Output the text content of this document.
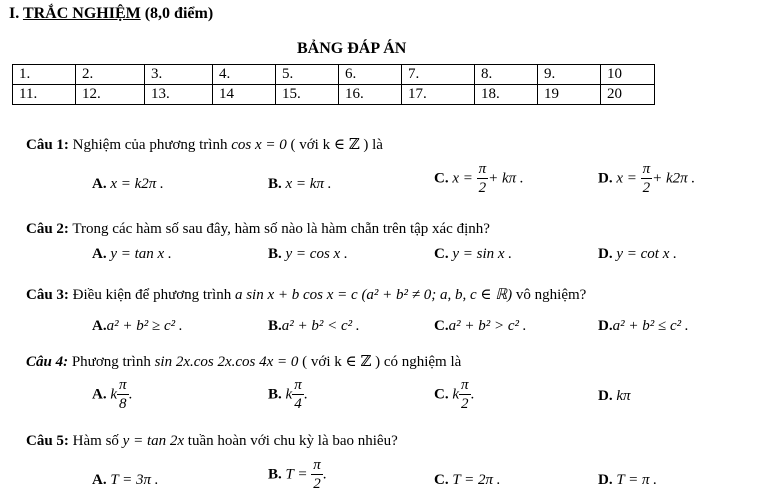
I. TRẮC NGHIỆM (8,0 điểm)
BẢNG ĐÁP ÁN
1.	2.	3.	4.	5.	6.	7.	8.	9.	10
11.	12.	13.	14	15.	16.	17.	18.	19	20
Câu 1: Nghiệm của phương trình cos x = 0 ( với k ∈ ℤ ) là
A. x = k2π .	B. x = kπ .	C. $x = \frac{\pi}{2} + k\pi$ .	D. $x = \frac{\pi}{2} + k2\pi$ .
Câu 2: Trong các hàm số sau đây, hàm số nào là hàm chẵn trên tập xác định?
A. y = tan x .	B. y = cos x .	C. y = sin x .	D. y = cot x .
Câu 3: Điều kiện để phương trình a sin x + b cos x = c (a² + b² ≠ 0; a, b, c ∈ ℝ) vô nghiệm?
A.a² + b² ≥ c² .	B.a² + b² < c² .	C.a² + b² > c² .	D.a² + b² ≤ c² .
Câu 4: Phương trình sin 2x.cos 2x.cos 4x = 0 ( với k ∈ ℤ ) có nghiệm là
A. k $\frac{\pi}{8}$ .	B. k $\frac{\pi}{4}$ .	C. k $\frac{\pi}{2}$ .	D. kπ
Câu 5: Hàm số y = tan 2x tuần hoàn với chu kỳ là bao nhiêu?
A. T = 3π .	B. $T = \frac{\pi}{2}$ .	C. T = 2π .	D. T = π .
